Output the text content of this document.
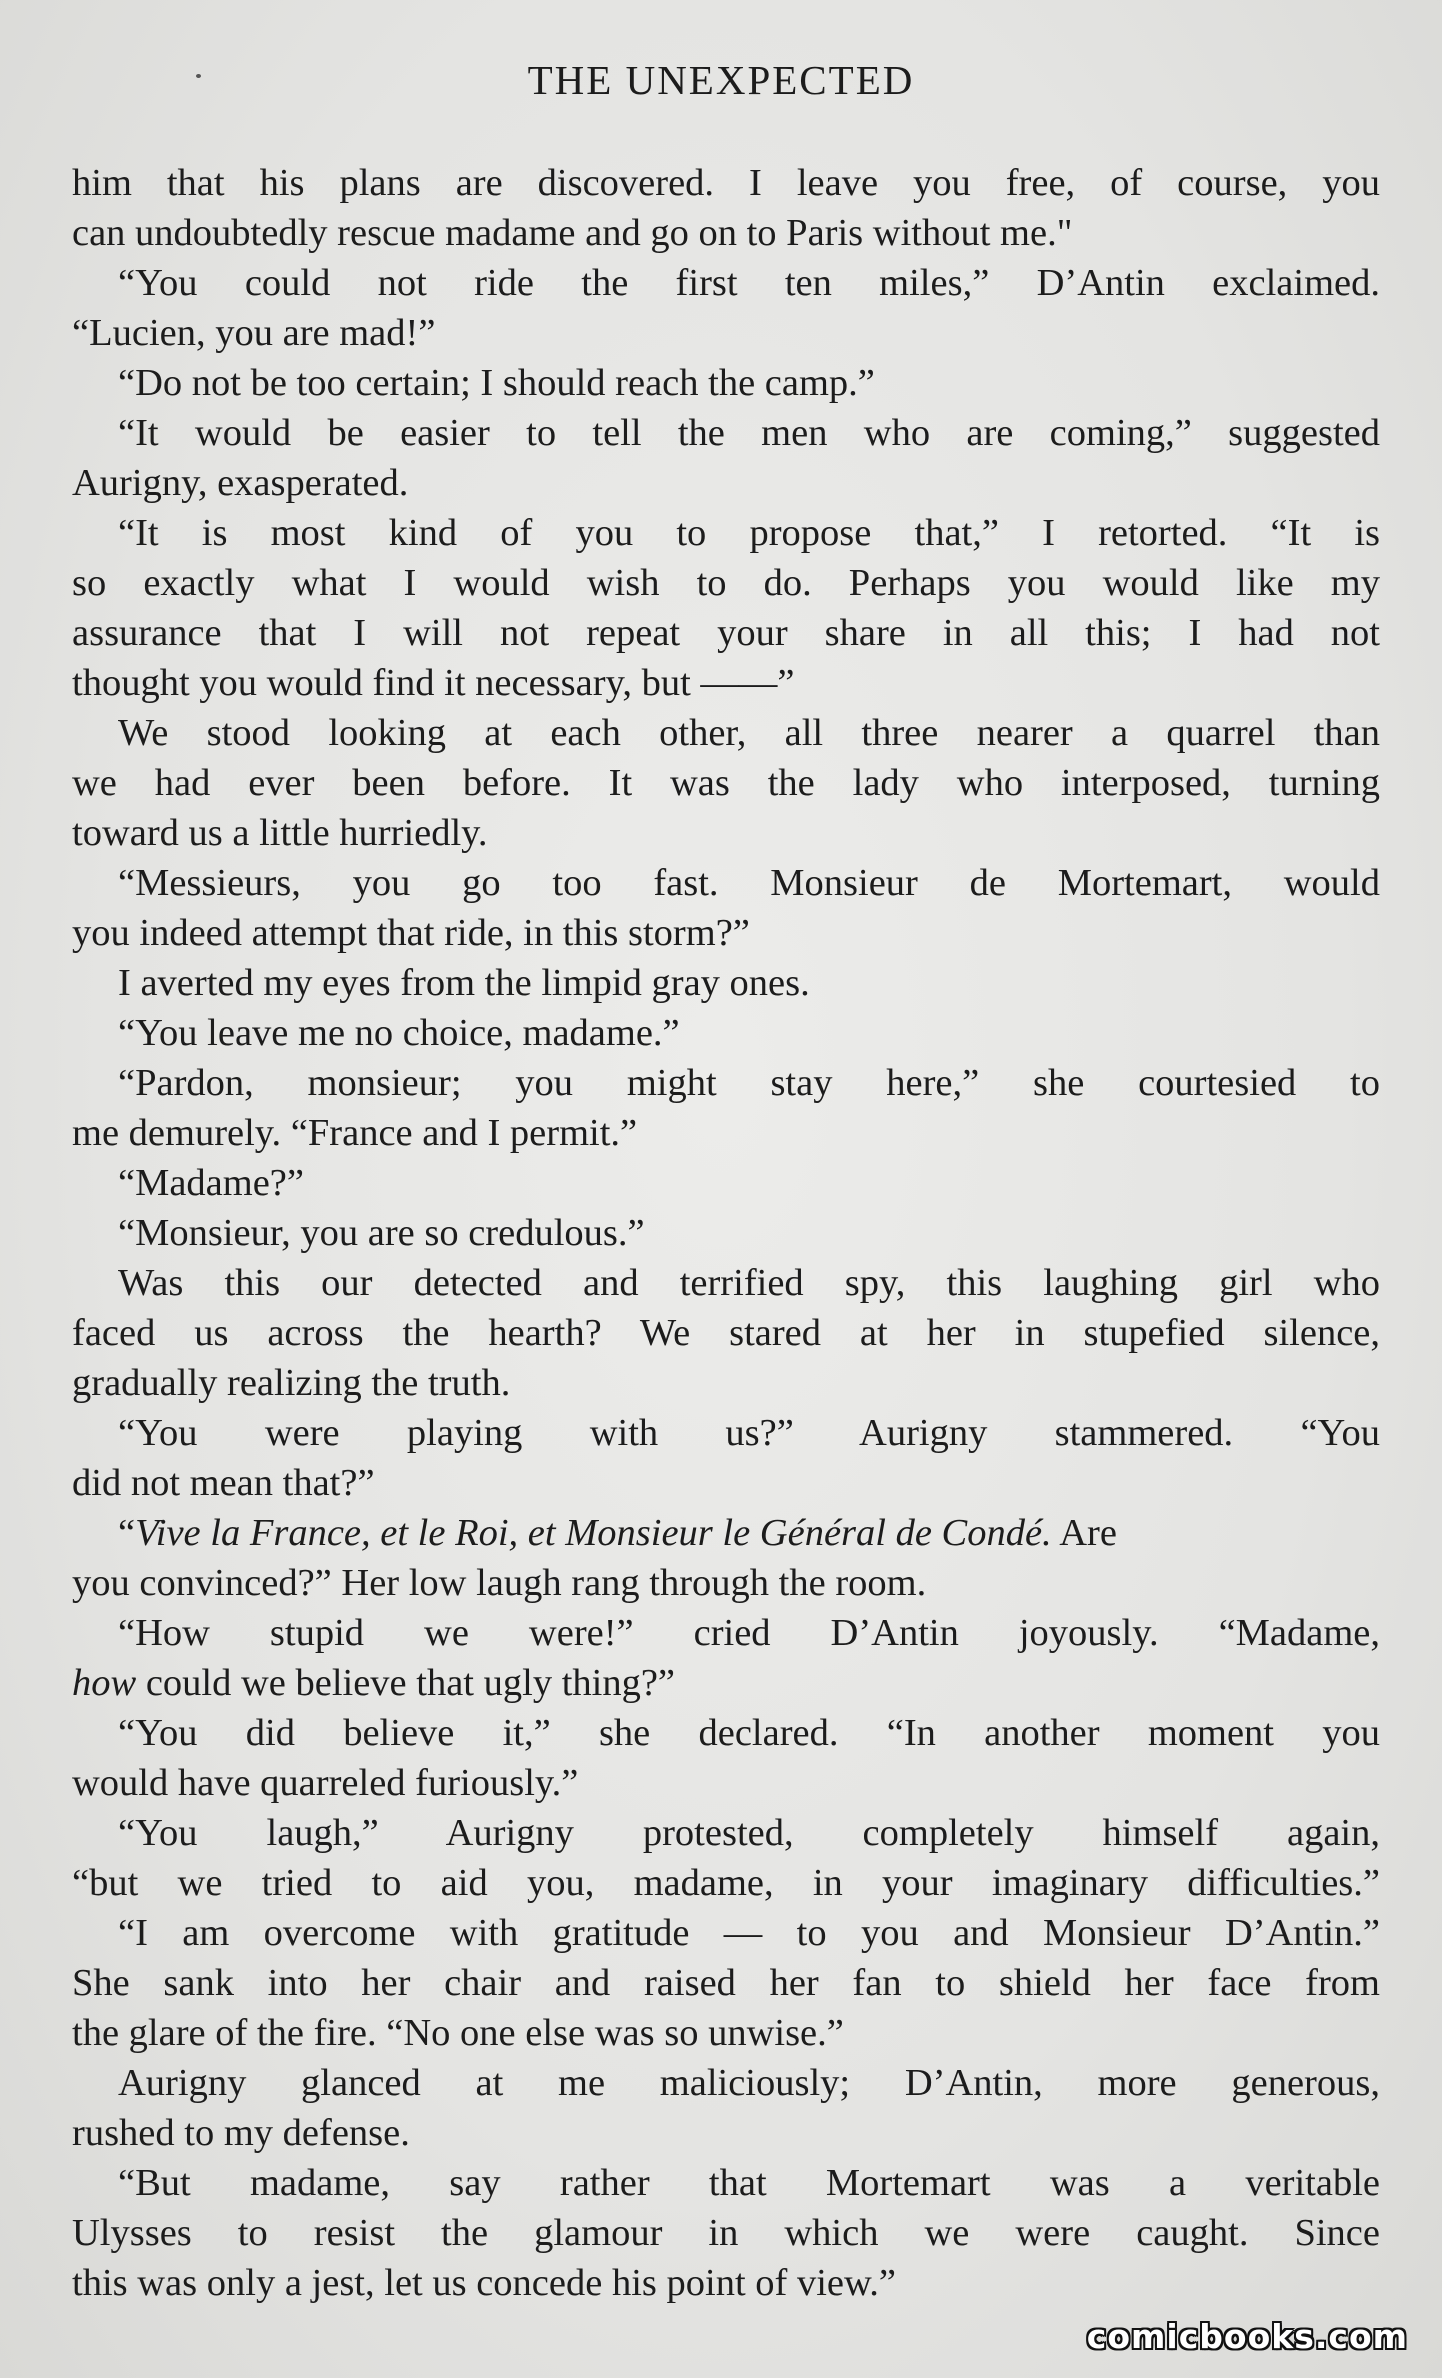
THE UNEXPECTED
him that his plans are discovered. I leave you free, of course, you
can undoubtedly rescue madame and go on to Paris without me."
“You could not ride the first ten miles,” D’Antin exclaimed.
“Lucien, you are mad!”
“Do not be too certain; I should reach the camp.”
“It would be easier to tell the men who are coming,” suggested
Aurigny, exasperated.
“It is most kind of you to propose that,” I retorted. “It is
so exactly what I would wish to do. Perhaps you would like my
assurance that I will not repeat your share in all this; I had not
thought you would find it necessary, but ——”
We stood looking at each other, all three nearer a quarrel than
we had ever been before. It was the lady who interposed, turning
toward us a little hurriedly.
“Messieurs, you go too fast. Monsieur de Mortemart, would
you indeed attempt that ride, in this storm?”
I averted my eyes from the limpid gray ones.
“You leave me no choice, madame.”
“Pardon, monsieur; you might stay here,” she courtesied to
me demurely. “France and I permit.”
“Madame?”
“Monsieur, you are so credulous.”
Was this our detected and terrified spy, this laughing girl who
faced us across the hearth? We stared at her in stupefied silence,
gradually realizing the truth.
“You were playing with us?” Aurigny stammered. “You
did not mean that?”
“Vive la France, et le Roi, et Monsieur le Général de Condé. Are
you convinced?” Her low laugh rang through the room.
“How stupid we were!” cried D’Antin joyously. “Madame,
how could we believe that ugly thing?”
“You did believe it,” she declared. “In another moment you
would have quarreled furiously.”
“You laugh,” Aurigny protested, completely himself again,
“but we tried to aid you, madame, in your imaginary difficulties.”
“I am overcome with gratitude — to you and Monsieur D’Antin.”
She sank into her chair and raised her fan to shield her face from
the glare of the fire. “No one else was so unwise.”
Aurigny glanced at me maliciously; D’Antin, more generous,
rushed to my defense.
“But madame, say rather that Mortemart was a veritable
Ulysses to resist the glamour in which we were caught. Since
this was only a jest, let us concede his point of view.”
comicbooks.com
